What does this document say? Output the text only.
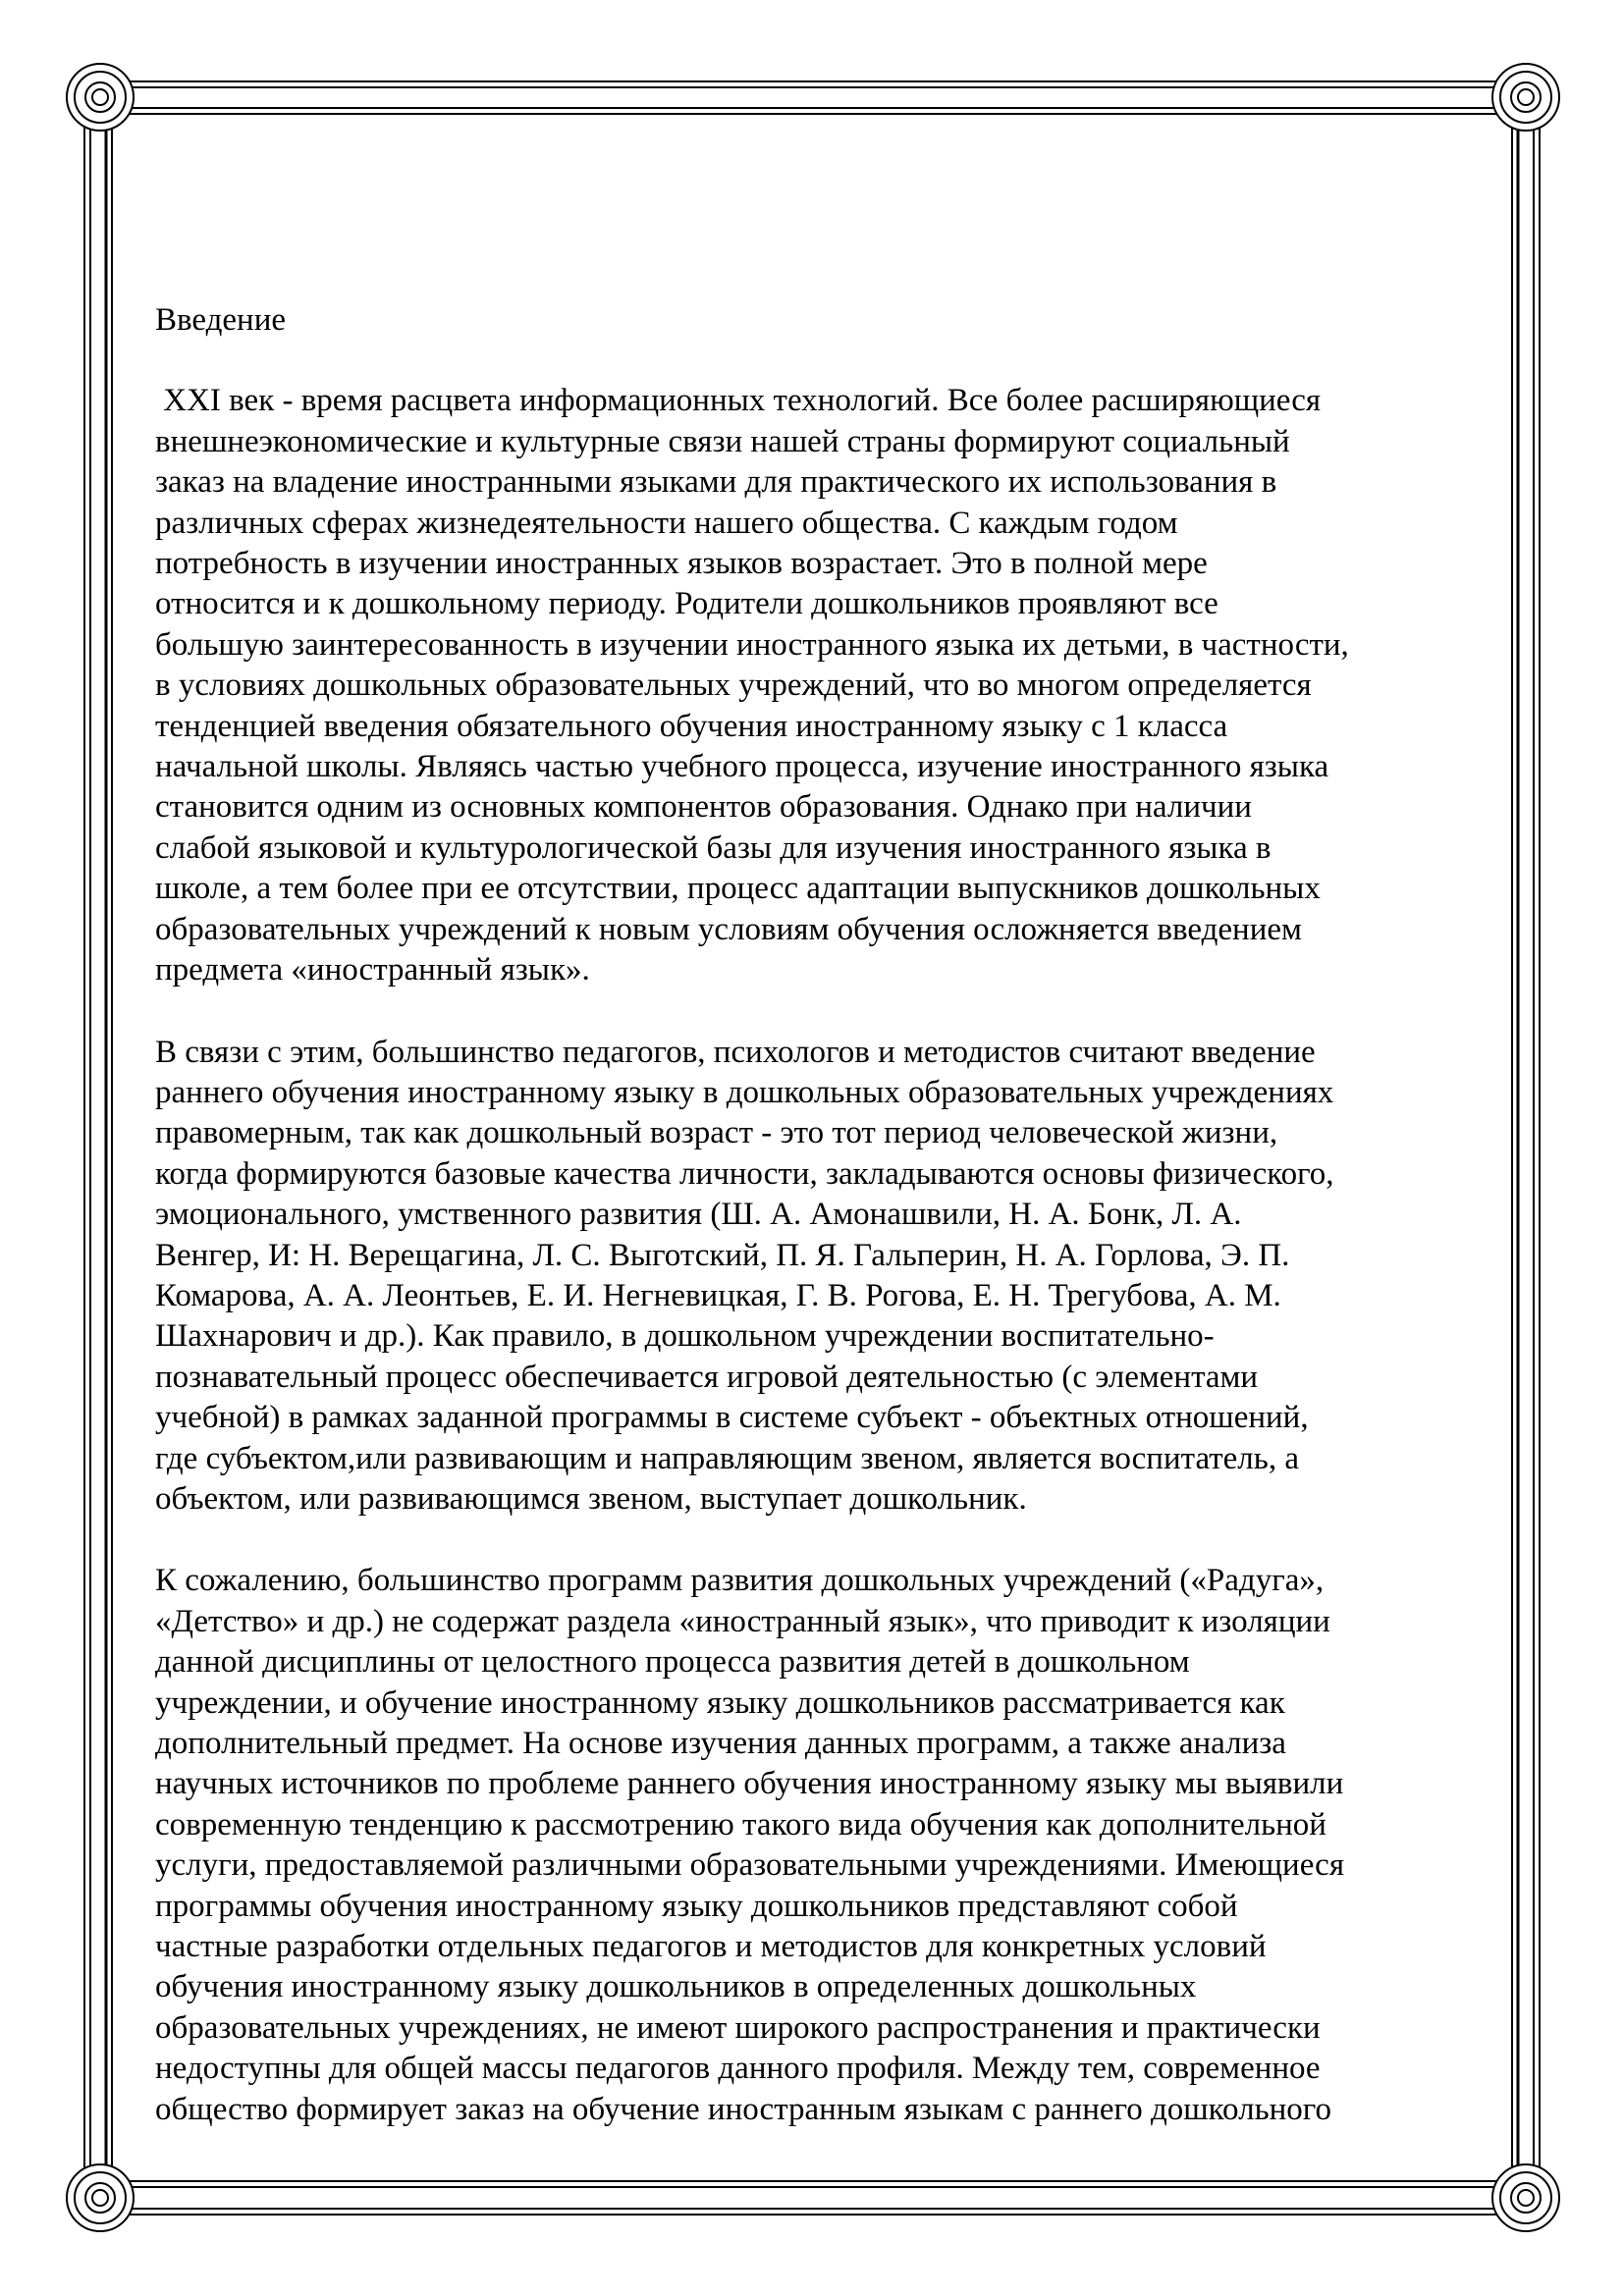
Введение
XXI век - время расцвета информационных технологий. Все более расширяющиеся
внешнеэкономические и культурные связи нашей страны формируют социальный
заказ на владение иностранными языками для практического их использования в
различных сферах жизнедеятельности нашего общества. С каждым годом
потребность в изучении иностранных языков возрастает. Это в полной мере
относится и к дошкольному периоду. Родители дошкольников проявляют все
большую заинтересованность в изучении иностранного языка их детьми, в частности,
в условиях дошкольных образовательных учреждений, что во многом определяется
тенденцией введения обязательного обучения иностранному языку с 1 класса
начальной школы. Являясь частью учебного процесса, изучение иностранного языка
становится одним из основных компонентов образования. Однако при наличии
слабой языковой и культурологической базы для изучения иностранного языка в
школе, а тем более при ее отсутствии, процесс адаптации выпускников дошкольных
образовательных учреждений к новым условиям обучения осложняется введением
предмета «иностранный язык».
В связи с этим, большинство педагогов, психологов и методистов считают введение
раннего обучения иностранному языку в дошкольных образовательных учреждениях
правомерным, так как дошкольный возраст - это тот период человеческой жизни,
когда формируются базовые качества личности, закладываются основы физического,
эмоционального, умственного развития (Ш. А. Амонашвили, Н. А. Бонк, Л. А.
Венгер, И: Н. Верещагина, Л. С. Выготский, П. Я. Гальперин, Н. А. Горлова, Э. П.
Комарова, А. А. Леонтьев, Е. И. Негневицкая, Г. В. Рогова, Е. Н. Трегубова, А. М.
Шахнарович и др.). Как правило, в дошкольном учреждении воспитательно-
познавательный процесс обеспечивается игровой деятельностью (с элементами
учебной) в рамках заданной программы в системе субъект - объектных отношений,
где субъектом,или развивающим и направляющим звеном, является воспитатель, а
объектом, или развивающимся звеном, выступает дошкольник.
К сожалению, большинство программ развития дошкольных учреждений («Радуга»,
«Детство» и др.) не содержат раздела «иностранный язык», что приводит к изоляции
данной дисциплины от целостного процесса развития детей в дошкольном
учреждении, и обучение иностранному языку дошкольников рассматривается как
дополнительный предмет. На основе изучения данных программ, а также анализа
научных источников по проблеме раннего обучения иностранному языку мы выявили
современную тенденцию к рассмотрению такого вида обучения как дополнительной
услуги, предоставляемой различными образовательными учреждениями. Имеющиеся
программы обучения иностранному языку дошкольников представляют собой
частные разработки отдельных педагогов и методистов для конкретных условий
обучения иностранному языку дошкольников в определенных дошкольных
образовательных учреждениях, не имеют широкого распространения и практически
недоступны для общей массы педагогов данного профиля. Между тем, современное
общество формирует заказ на обучение иностранным языкам с раннего дошкольного
